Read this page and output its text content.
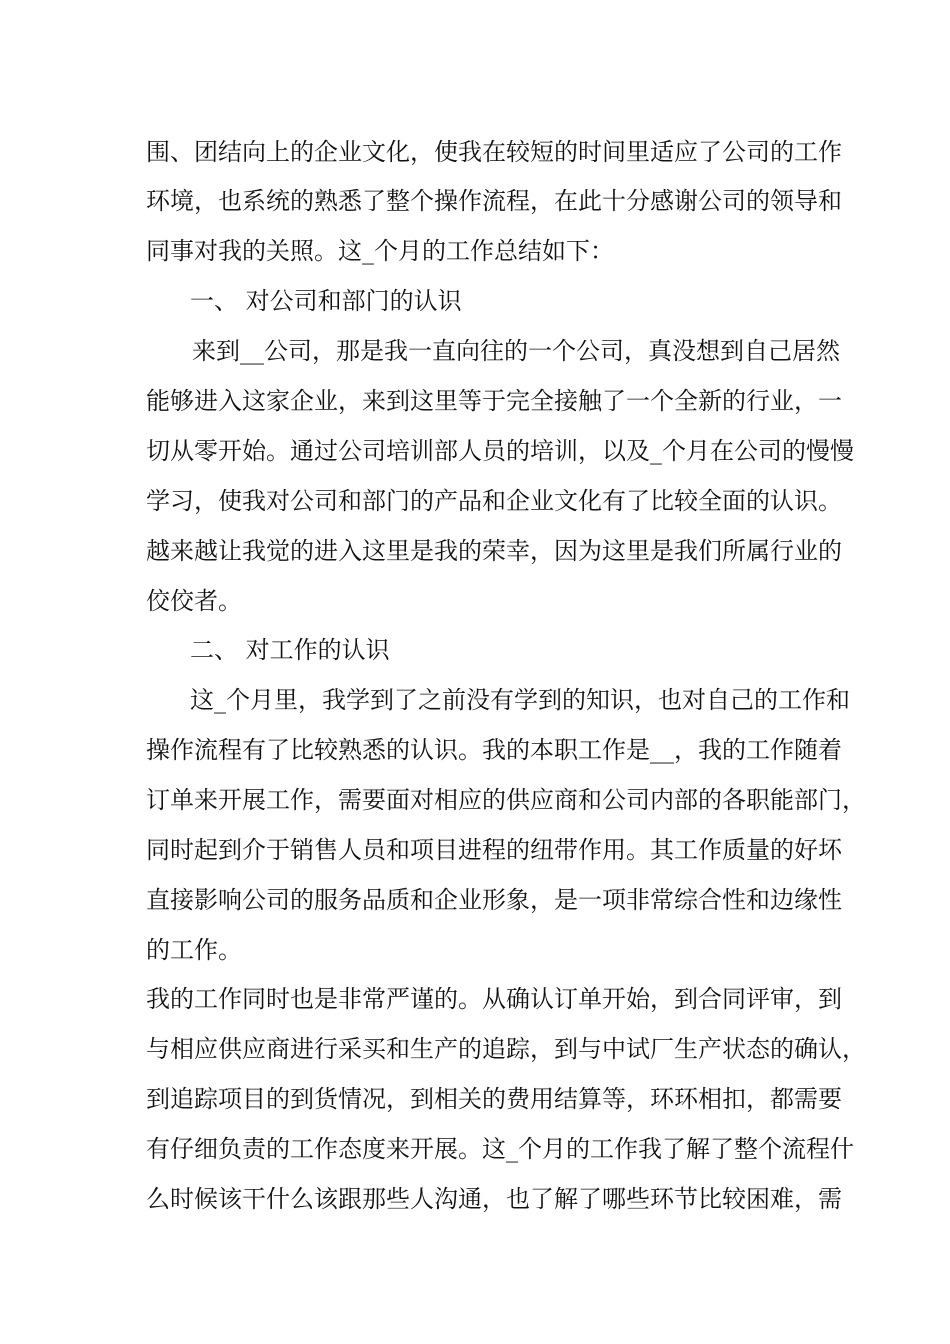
围、团结向上的企业文化，使我在较短的时间里适应了公司的工作
环境，也系统的熟悉了整个操作流程，在此十分感谢公司的领导和
同事对我的关照。这_个月的工作总结如下：
一、 对公司和部门的认识
来到__公司，那是我一直向往的一个公司，真没想到自己居然
能够进入这家企业，来到这里等于完全接触了一个全新的行业，一
切从零开始。通过公司培训部人员的培训，以及_个月在公司的慢慢
学习，使我对公司和部门的产品和企业文化有了比较全面的认识。
越来越让我觉的进入这里是我的荣幸，因为这里是我们所属行业的
佼佼者。
二、 对工作的认识
这_个月里，我学到了之前没有学到的知识，也对自己的工作和
操作流程有了比较熟悉的认识。我的本职工作是__，我的工作随着
订单来开展工作，需要面对相应的供应商和公司内部的各职能部门，
同时起到介于销售人员和项目进程的纽带作用。其工作质量的好坏
直接影响公司的服务品质和企业形象，是一项非常综合性和边缘性
的工作。
我的工作同时也是非常严谨的。从确认订单开始，到合同评审，到
与相应供应商进行采买和生产的追踪，到与中试厂生产状态的确认，
到追踪项目的到货情况，到相关的费用结算等，环环相扣，都需要
有仔细负责的工作态度来开展。这_个月的工作我了解了整个流程什
么时候该干什么该跟那些人沟通，也了解了哪些环节比较困难，需
